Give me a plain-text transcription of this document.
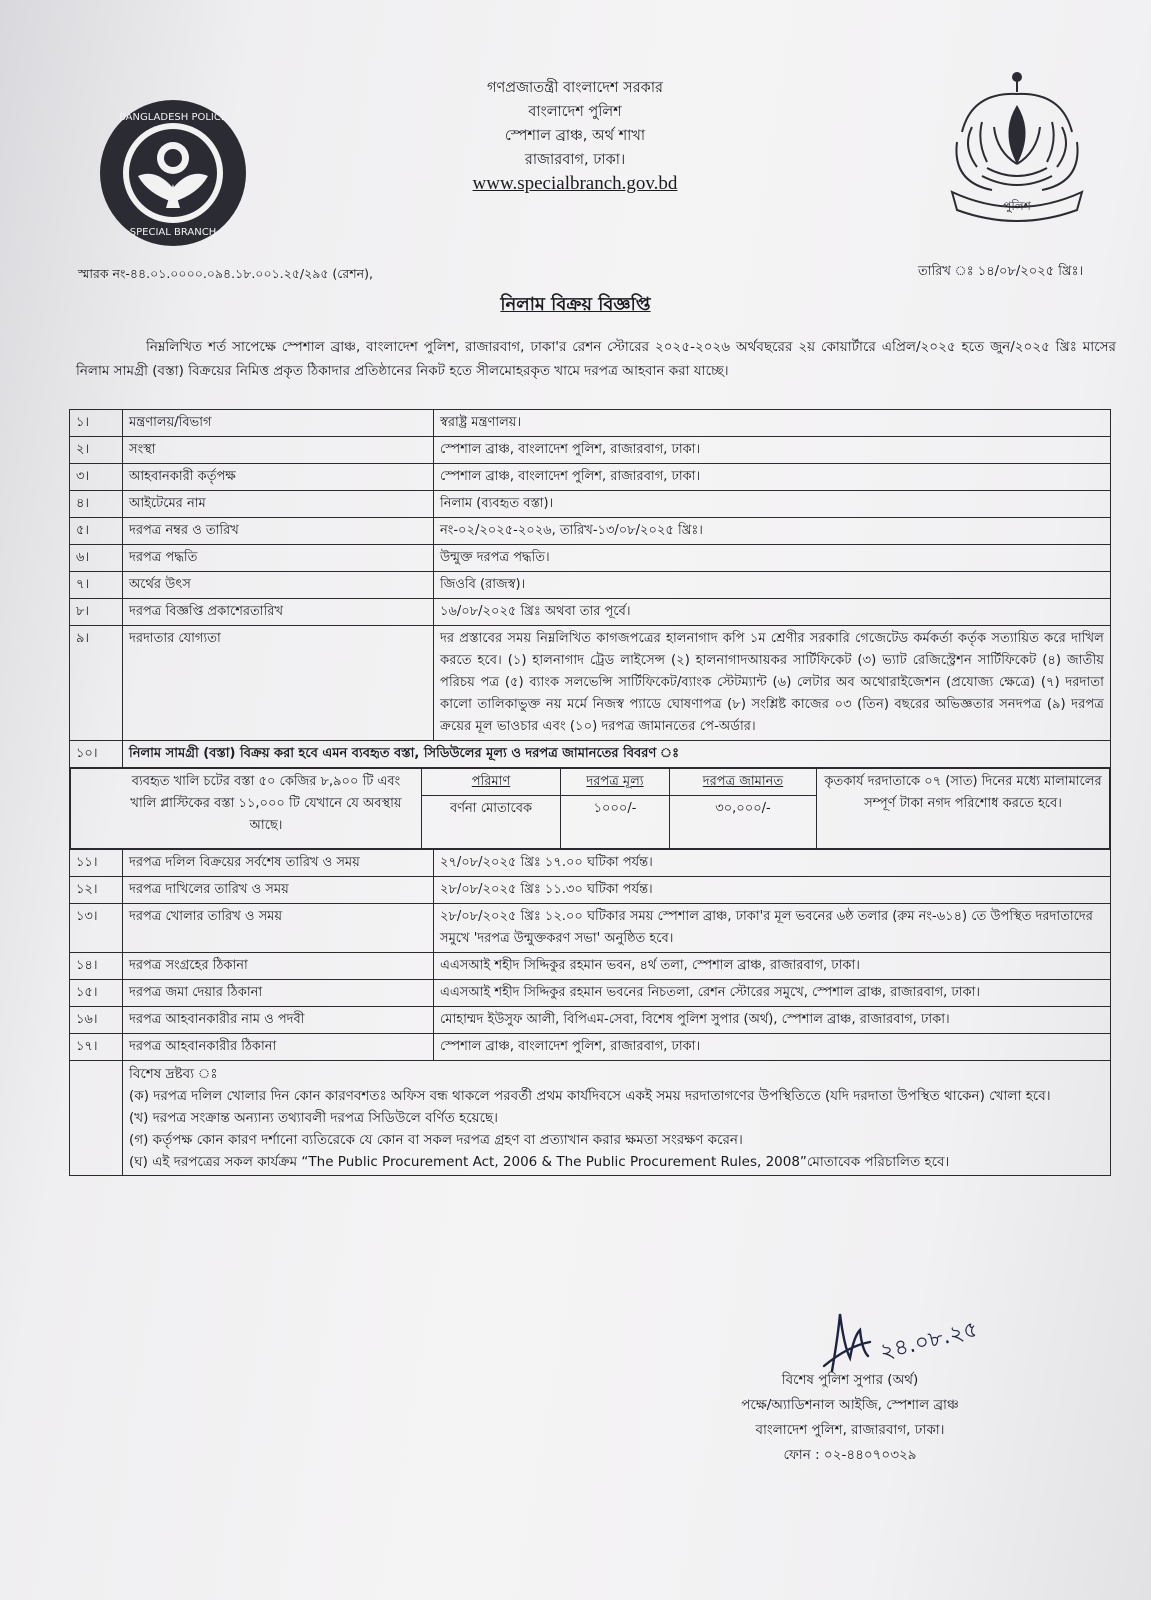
BANGLADESH POLICE
SPECIAL BRANCH
পুলিশ
গণপ্রজাতন্ত্রী বাংলাদেশ সরকার
বাংলাদেশ পুলিশ
স্পেশাল ব্রাঞ্চ, অর্থ শাখা
রাজারবাগ, ঢাকা।
www.specialbranch.gov.bd
স্মারক নং-৪৪.০১.০০০০.০৯৪.১৮.০০১.২৫/২৯৫ (রেশন),	তারিখ ঃ ১৪/০৮/২০২৫ খ্রিঃ।
নিলাম বিক্রয় বিজ্ঞপ্তি
নিম্নলিখিত শর্ত সাপেক্ষে স্পেশাল ব্রাঞ্চ, বাংলাদেশ পুলিশ, রাজারবাগ, ঢাকা'র রেশন স্টোরের ২০২৫-২০২৬ অর্থবছরের ২য় কোয়ার্টারে এপ্রিল/২০২৫ হতে জুন/২০২৫ খ্রিঃ মাসের নিলাম সামগ্রী (বস্তা) বিক্রয়ের নিমিত্ত প্রকৃত ঠিকাদার প্রতিষ্ঠানের নিকট হতে সীলমোহরকৃত খামে দরপত্র আহবান করা যাচ্ছে।
১।	মন্ত্রণালয়/বিভাগ	স্বরাষ্ট্র মন্ত্রণালয়।
২।	সংস্থা	স্পেশাল ব্রাঞ্চ, বাংলাদেশ পুলিশ, রাজারবাগ, ঢাকা।
৩।	আহবানকারী কর্তৃপক্ষ	স্পেশাল ব্রাঞ্চ, বাংলাদেশ পুলিশ, রাজারবাগ, ঢাকা।
৪।	আইটেমের নাম	নিলাম (ব্যবহৃত বস্তা)।
৫।	দরপত্র নম্বর ও তারিখ	নং-০২/২০২৫-২০২৬, তারিখ-১৩/০৮/২০২৫ খ্রিঃ।
৬।	দরপত্র পদ্ধতি	উন্মুক্ত দরপত্র পদ্ধতি।
৭।	অর্থের উৎস	জিওবি (রাজস্ব)।
৮।	দরপত্র বিজ্ঞপ্তি প্রকাশেরতারিখ	১৬/০৮/২০২৫ খ্রিঃ অথবা তার পূর্বে।
৯।	দরদাতার যোগ্যতা	দর প্রস্তাবের সময় নিম্নলিখিত কাগজপত্রের হালনাগাদ কপি ১ম শ্রেণীর সরকারি গেজেটেড কর্মকর্তা কর্তৃক সত্যায়িত করে দাখিল করতে হবে। (১) হালনাগাদ ট্রেড লাইসেন্স (২) হালনাগাদআয়কর সার্টিফিকেট (৩) ভ্যাট রেজিস্ট্রেশন সার্টিফিকেট (৪) জাতীয় পরিচয় পত্র (৫) ব্যাংক সলভেন্সি সার্টিফিকেট/ব্যাংক স্টেটম্যান্ট (৬) লেটার অব অথোরাইজেশন (প্রযোজ্য ক্ষেত্রে) (৭) দরদাতা কালো তালিকাভুক্ত নয় মর্মে নিজস্ব প্যাডে ঘোষণাপত্র (৮) সংশ্লিষ্ট কাজের ০৩ (তিন) বছরের অভিজ্ঞতার সনদপত্র (৯) দরপত্র ক্রয়ের মূল ভাওচার এবং (১০) দরপত্র জামানতের পে-অর্ডার।
১০।	নিলাম সামগ্রী (বস্তা) বিক্রয় করা হবে এমন ব্যবহৃত বস্তা, সিডিউলের মূল্য ও দরপত্র জামানতের বিবরণ ঃ

ব্যবহৃত খালি চটের বস্তা ৫০ কেজির ৮,৯০০ টি এবং খালি প্লাস্টিকের বস্তা ১১,০০০ টি যেখানে যে অবস্থায় আছে।	পরিমাণ	দরপত্র মূল্য	দরপত্র জামানত	কৃতকার্য দরদাতাকে ০৭ (সাত) দিনের মধ্যে মালামালের সম্পূর্ণ টাকা নগদ পরিশোধ করতে হবে।
বর্ণনা মোতাবেক	১০০০/-	৩০,০০০/-

১১।	দরপত্র দলিল বিক্রয়ের সর্বশেষ তারিখ ও সময়	২৭/০৮/২০২৫ খ্রিঃ ১৭.০০ ঘটিকা পর্যন্ত।
১২।	দরপত্র দাখিলের তারিখ ও সময়	২৮/০৮/২০২৫ খ্রিঃ ১১.৩০ ঘটিকা পর্যন্ত।
১৩।	দরপত্র খোলার তারিখ ও সময়	২৮/০৮/২০২৫ খ্রিঃ ১২.০০ ঘটিকার সময় স্পেশাল ব্রাঞ্চ, ঢাকা'র মূল ভবনের ৬ষ্ঠ তলার (রুম নং-৬১৪) তে উপস্থিত দরদাতাদের সমুখে 'দরপত্র উন্মুক্তকরণ সভা' অনুষ্ঠিত হবে।
১৪।	দরপত্র সংগ্রহের ঠিকানা	এএসআই শহীদ সিদ্দিকুর রহমান ভবন, ৪র্থ তলা, স্পেশাল ব্রাঞ্চ, রাজারবাগ, ঢাকা।
১৫।	দরপত্র জমা দেয়ার ঠিকানা	এএসআই শহীদ সিদ্দিকুর রহমান ভবনের নিচতলা, রেশন স্টোরের সমুখে, স্পেশাল ব্রাঞ্চ, রাজারবাগ, ঢাকা।
১৬।	দরপত্র আহবানকারীর নাম ও পদবী	মোহাম্মদ ইউসুফ আলী, বিপিএম-সেবা, বিশেষ পুলিশ সুপার (অর্থ), স্পেশাল ব্রাঞ্চ, রাজারবাগ, ঢাকা।
১৭।	দরপত্র আহবানকারীর ঠিকানা	স্পেশাল ব্রাঞ্চ, বাংলাদেশ পুলিশ, রাজারবাগ, ঢাকা।

বিশেষ দ্রষ্টব্য ঃ
(ক) দরপত্র দলিল খোলার দিন কোন কারণবশতঃ অফিস বন্ধ থাকলে পরবর্তী প্রথম কার্যদিবসে একই সময় দরদাতাগণের উপস্থিতিতে (যদি দরদাতা উপস্থিত থাকেন) খোলা হবে।
(খ) দরপত্র সংক্রান্ত অন্যান্য তথ্যাবলী দরপত্র সিডিউলে বর্ণিত হয়েছে।
(গ) কর্তৃপক্ষ কোন কারণ দর্শানো ব্যতিরেকে যে কোন বা সকল দরপত্র গ্রহণ বা প্রত্যাখান করার ক্ষমতা সংরক্ষণ করেন।
(ঘ) এই দরপত্রের সকল কার্যক্রম “The Public Procurement Act, 2006 & The Public Procurement Rules, 2008”মোতাবেক পরিচালিত হবে।
২৪.০৮.২৫
বিশেষ পুলিশ সুপার (অর্থ)
পক্ষে/অ্যাডিশনাল আইজি, স্পেশাল ব্রাঞ্চ
বাংলাদেশ পুলিশ, রাজারবাগ, ঢাকা।
ফোন : ০২-৪৪০৭০৩২৯
